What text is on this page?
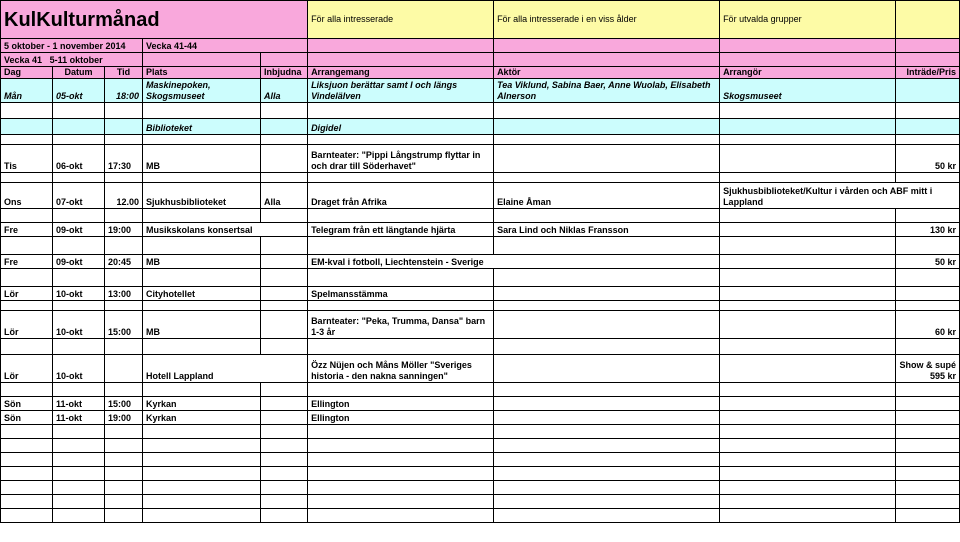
KulKulturmånad					För alla intresserade	För alla intresserade i en viss ålder	För utvalda grupper	
5 oktober - 1 november 2014			Vecka 41-44					
Vecka 41 5-11 oktober								
Dag	Datum	Tid	Plats	Inbjudna	Arrangemang	Aktör	Arrangör	Inträde/Pris
Mån	05-okt	18:00	Maskinepoken, Skogsmuseet	Alla	Liksjuon berättar samt I och längs Vindelälven	Tea Viklund, Sabina Baer, Anne Wuolab, Elisabeth Alnerson	Skogsmuseet	

			Biblioteket		Digidel			

Tis	06-okt	17:30	MB		Barnteater: "Pippi Långstrump flyttar in och drar till Söderhavet"			50 kr

Ons	07-okt	12.00	Sjukhusbiblioteket	Alla	Draget från Afrika	Elaine Åman	Sjukhusbiblioteket/Kultur i vården och ABF mitt i Lappland	

Fre	09-okt	19:00	Musikskolans konsertsal		Telegram från ett längtande hjärta	Sara Lind och Niklas Fransson		130 kr

Fre	09-okt	20:45	MB		EM-kval i fotboll, Liechtenstein - Sverige			50 kr

Lör	10-okt	13:00	Cityhotellet		Spelmansstämma			

Lör	10-okt	15:00	MB		Barnteater: "Peka, Trumma, Dansa" barn 1-3 år			60 kr

Lör	10-okt		Hotell Lappland		Özz Nüjen och Måns Möller "Sveriges historia - den nakna sanningen"			Show & supé
595 kr

Sön	11-okt	15:00	Kyrkan		Ellington			
Sön	11-okt	19:00	Kyrkan		Ellington			
